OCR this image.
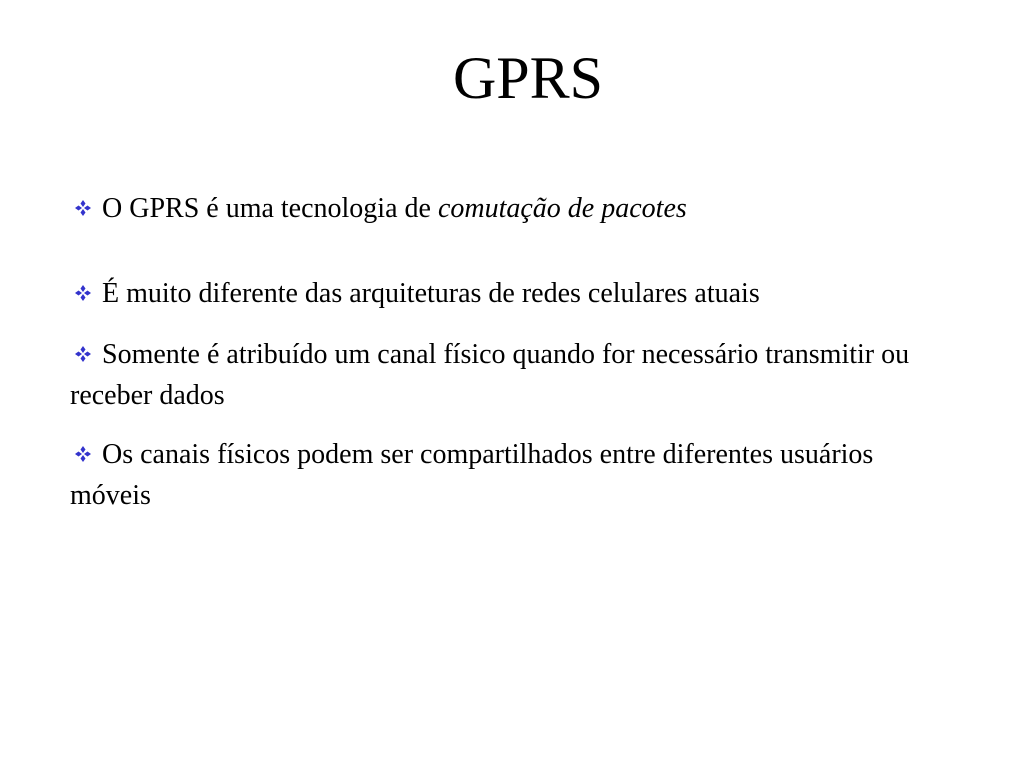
GPRS
O GPRS é uma tecnologia de comutação de pacotes
É muito diferente das arquiteturas de redes celulares atuais
Somente é atribuído um canal físico quando for necessário transmitir ou receber dados
Os canais físicos podem ser compartilhados entre diferentes usuários móveis
